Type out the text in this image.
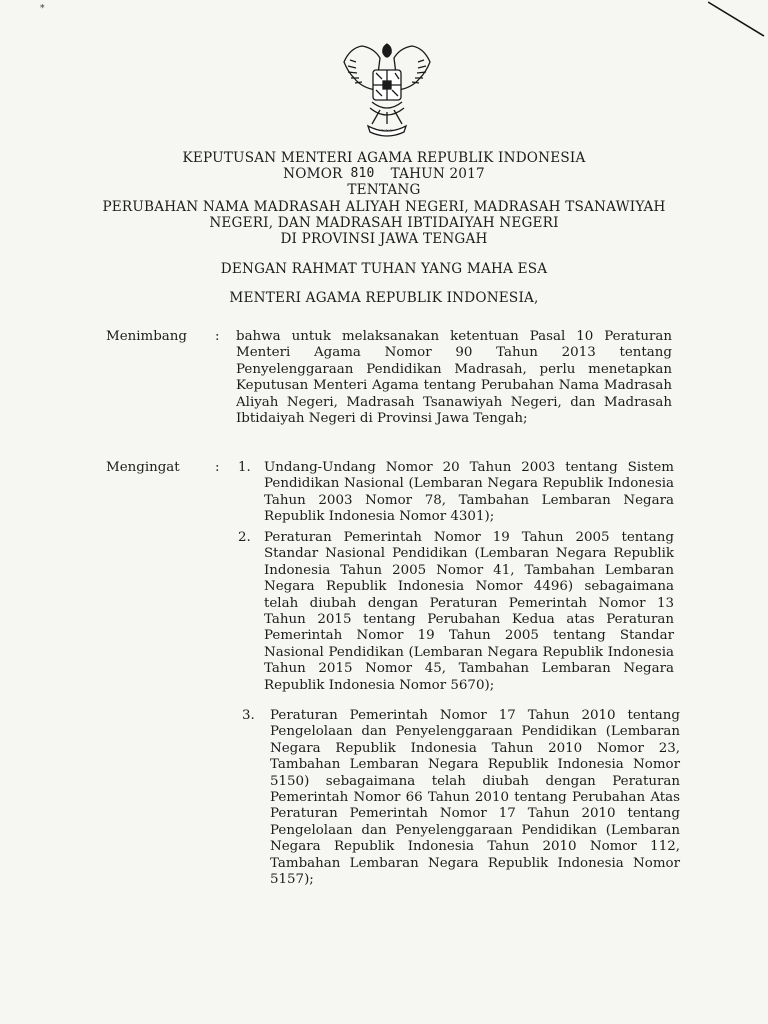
*
~~~
KEPUTUSAN MENTERI AGAMA REPUBLIK INDONESIA
NOMOR 810 TAHUN 2017
TENTANG
PERUBAHAN NAMA MADRASAH ALIYAH NEGERI, MADRASAH TSANAWIYAH
NEGERI, DAN MADRASAH IBTIDAIYAH NEGERI
DI PROVINSI JAWA TENGAH
DENGAN RAHMAT TUHAN YANG MAHA ESA
MENTERI AGAMA REPUBLIK INDONESIA,
Menimbang : bahwa untuk melaksanakan ketentuan Pasal 10 Peraturan Menteri Agama Nomor 90 Tahun 2013 tentang Penyelenggaraan Pendidikan Madrasah, perlu menetapkan Keputusan Menteri Agama tentang Perubahan Nama Madrasah Aliyah Negeri, Madrasah Tsanawiyah Negeri, dan Madrasah Ibtidaiyah Negeri di Provinsi Jawa Tengah;
Mengingat	: 1. Undang-Undang Nomor 20 Tahun 2003 tentang Sistem Pendidikan Nasional (Lembaran Negara Republik Indonesia Tahun 2003 Nomor 78, Tambahan Lembaran Negara Republik Indonesia Nomor 4301);
2. Peraturan Pemerintah Nomor 19 Tahun 2005 tentang Standar Nasional Pendidikan (Lembaran Negara Republik Indonesia Tahun 2005 Nomor 41, Tambahan Lembaran Negara Republik Indonesia Nomor 4496) sebagaimana telah diubah dengan Peraturan Pemerintah Nomor 13 Tahun 2015 tentang Perubahan Kedua atas Peraturan Pemerintah Nomor 19 Tahun 2005 tentang Standar Nasional Pendidikan (Lembaran Negara Republik Indonesia Tahun 2015 Nomor 45, Tambahan Lembaran Negara Republik Indonesia Nomor 5670);
3. Peraturan Pemerintah Nomor 17 Tahun 2010 tentang Pengelolaan dan Penyelenggaraan Pendidikan (Lembaran Negara Republik Indonesia Tahun 2010 Nomor 23, Tambahan Lembaran Negara Republik Indonesia Nomor 5150) sebagaimana telah diubah dengan Peraturan Pemerintah Nomor 66 Tahun 2010 tentang Perubahan Atas Peraturan Pemerintah Nomor 17 Tahun 2010 tentang Pengelolaan dan Penyelenggaraan Pendidikan (Lembaran Negara Republik Indonesia Tahun 2010 Nomor 112, Tambahan Lembaran Negara Republik Indonesia Nomor 5157);
